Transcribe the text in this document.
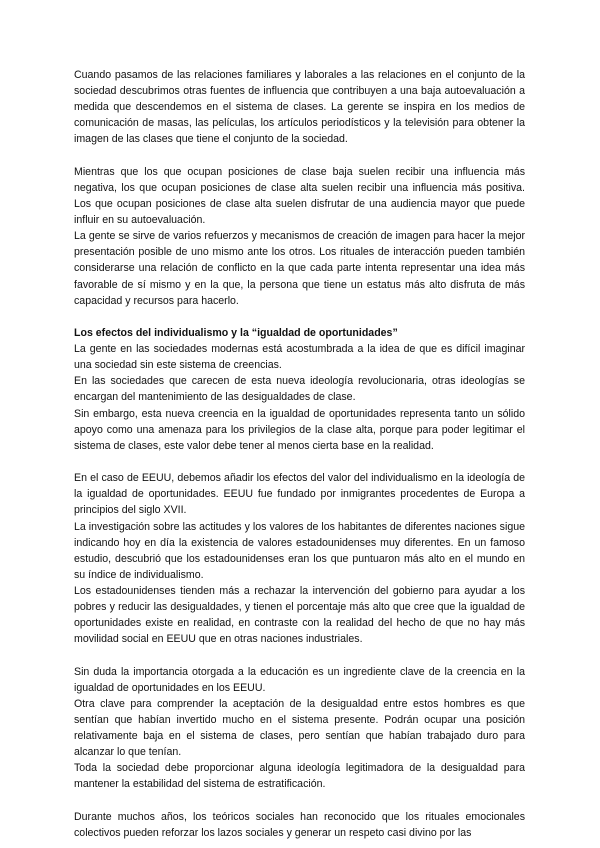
Cuando pasamos de las relaciones familiares y laborales a las relaciones en el conjunto de la sociedad descubrimos otras fuentes de influencia que contribuyen a una baja autoevaluación a medida que descendemos en el sistema de clases. La gerente se inspira en los medios de comunicación de masas, las películas, los artículos periodísticos y la televisión para obtener la imagen de las clases que tiene el conjunto de la sociedad.

Mientras que los que ocupan posiciones de clase baja suelen recibir una influencia más negativa, los que ocupan posiciones de clase alta suelen recibir una influencia más positiva. Los que ocupan posiciones de clase alta suelen disfrutar de una audiencia mayor que puede influir en su autoevaluación.

La gente se sirve de varios refuerzos y mecanismos de creación de imagen para hacer la mejor presentación posible de uno mismo ante los otros. Los rituales de interacción pueden también considerarse una relación de conflicto en la que cada parte intenta representar una idea más favorable de sí mismo y en la que, la persona que tiene un estatus más alto disfruta de más capacidad y recursos para hacerlo.

Los efectos del individualismo y la “igualdad de oportunidades”

La gente en las sociedades modernas está acostumbrada a la idea de que es difícil imaginar una sociedad sin este sistema de creencias.

En las sociedades que carecen de esta nueva ideología revolucionaria, otras ideologías se encargan del mantenimiento de las desigualdades de clase.

Sin embargo, esta nueva creencia en la igualdad de oportunidades representa tanto un sólido apoyo como una amenaza para los privilegios de la clase alta, porque para poder legitimar el sistema de clases, este valor debe tener al menos cierta base en la realidad.

En el caso de EEUU, debemos añadir los efectos del valor del individualismo en la ideología de la igualdad de oportunidades. EEUU fue fundado por inmigrantes procedentes de Europa a principios del siglo XVII.

La investigación sobre las actitudes y los valores de los habitantes de diferentes naciones sigue indicando hoy en día la existencia de valores estadounidenses muy diferentes. En un famoso estudio, descubrió que los estadounidenses eran los que puntuaron más alto en el mundo en su índice de individualismo.

Los estadounidenses tienden más a rechazar la intervención del gobierno para ayudar a los pobres y reducir las desigualdades, y tienen el porcentaje más alto que cree que la igualdad de oportunidades existe en realidad, en contraste con la realidad del hecho de que no hay más movilidad social en EEUU que en otras naciones industriales.

Sin duda la importancia otorgada a la educación es un ingrediente clave de la creencia en la igualdad de oportunidades en los EEUU.

Otra clave para comprender la aceptación de la desigualdad entre estos hombres es que sentían que habían invertido mucho en el sistema presente. Podrán ocupar una posición relativamente baja en el sistema de clases, pero sentían que habían trabajado duro para alcanzar lo que tenían.

Toda la sociedad debe proporcionar alguna ideología legitimadora de la desigualdad para mantener la estabilidad del sistema de estratificación.

Durante muchos años, los teóricos sociales han reconocido que los rituales emocionales colectivos pueden reforzar los lazos sociales y generar un respeto casi divino por las
